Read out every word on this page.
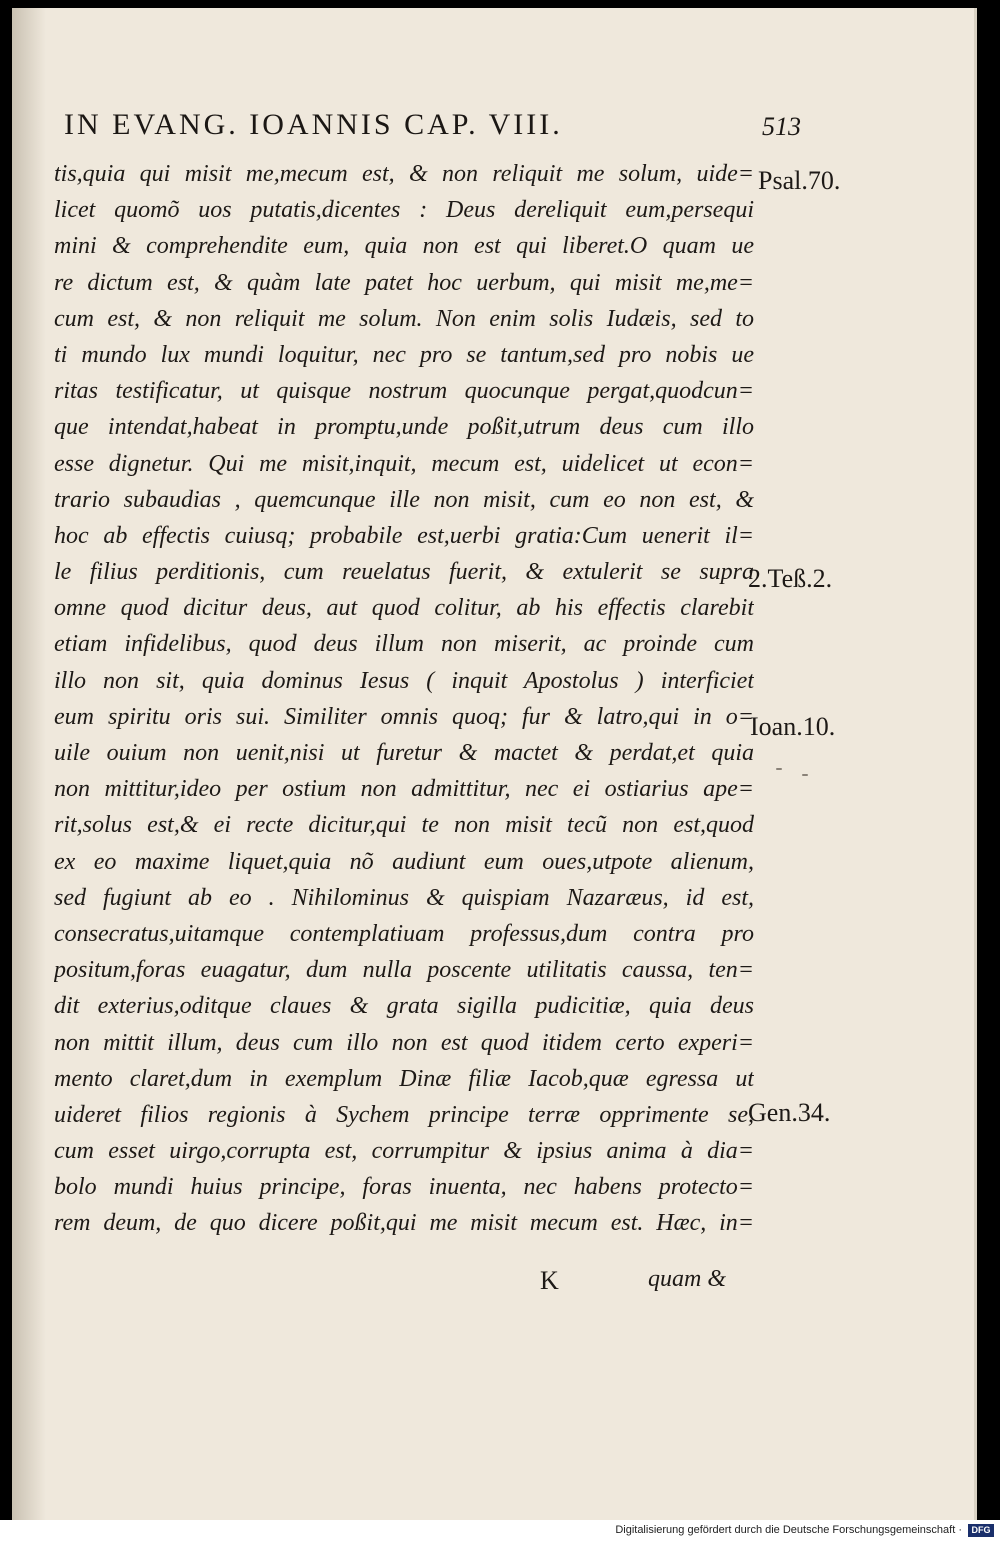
IN EVANG. IOANNIS CAP. VIII.	513
tis,quia qui misit me,mecum est, & non reliquit me solum, uide=
licet quomõ uos putatis,dicentes : Deus dereliquit eum,persequi
mini & comprehendite eum, quia non est qui liberet.O quam ue
re dictum est, & quàm late patet hoc uerbum, qui misit me,me=
cum est, & non reliquit me solum. Non enim solis Iudæis, sed to
ti mundo lux mundi loquitur, nec pro se tantum,sed pro nobis ue
ritas testificatur, ut quisque nostrum quocunque pergat,quodcun=
que intendat,habeat in promptu,unde poßit,utrum deus cum illo
esse dignetur. Qui me misit,inquit, mecum est, uidelicet ut econ=
trario subaudias , quemcunque ille non misit, cum eo non est, &
hoc ab effectis cuiusq; probabile est,uerbi gratia:Cum uenerit il=
le filius perditionis, cum reuelatus fuerit, & extulerit se supra
omne quod dicitur deus, aut quod colitur, ab his effectis clarebit
etiam infidelibus, quod deus illum non miserit, ac proinde cum
illo non sit, quia dominus Iesus ( inquit Apostolus ) interficiet
eum spiritu oris sui. Similiter omnis quoq; fur & latro,qui in o=
uile ouium non uenit,nisi ut furetur & mactet & perdat,et quia
non mittitur,ideo per ostium non admittitur, nec ei ostiarius ape=
rit,solus est,& ei recte dicitur,qui te non misit tecũ non est,quod
ex eo maxime liquet,quia nõ audiunt eum oues,utpote alienum,
sed fugiunt ab eo . Nihilominus & quispiam Nazaræus, id est,
consecratus,uitamque contemplatiuam professus,dum contra pro
positum,foras euagatur, dum nulla poscente utilitatis caussa, ten=
dit exterius,oditque claues & grata sigilla pudicitiæ, quia deus
non mittit illum, deus cum illo non est quod itidem certo experi=
mento claret,dum in exemplum Dinæ filiæ Iacob,quæ egressa ut
uideret filios regionis à Sychem principe terræ opprimente se,
cum esset uirgo,corrupta est, corrumpitur & ipsius anima à dia=
bolo mundi huius principe, foras inuenta, nec habens protecto=
rem deum, de quo dicere poßit,qui me misit mecum est. Hæc, in=
Psal.70.
2.Teß.2.
Ioan.10.
Gen.34.
K	quam &
Digitalisierung gefördert durch die Deutsche Forschungsgemeinschaft ·	DFG
